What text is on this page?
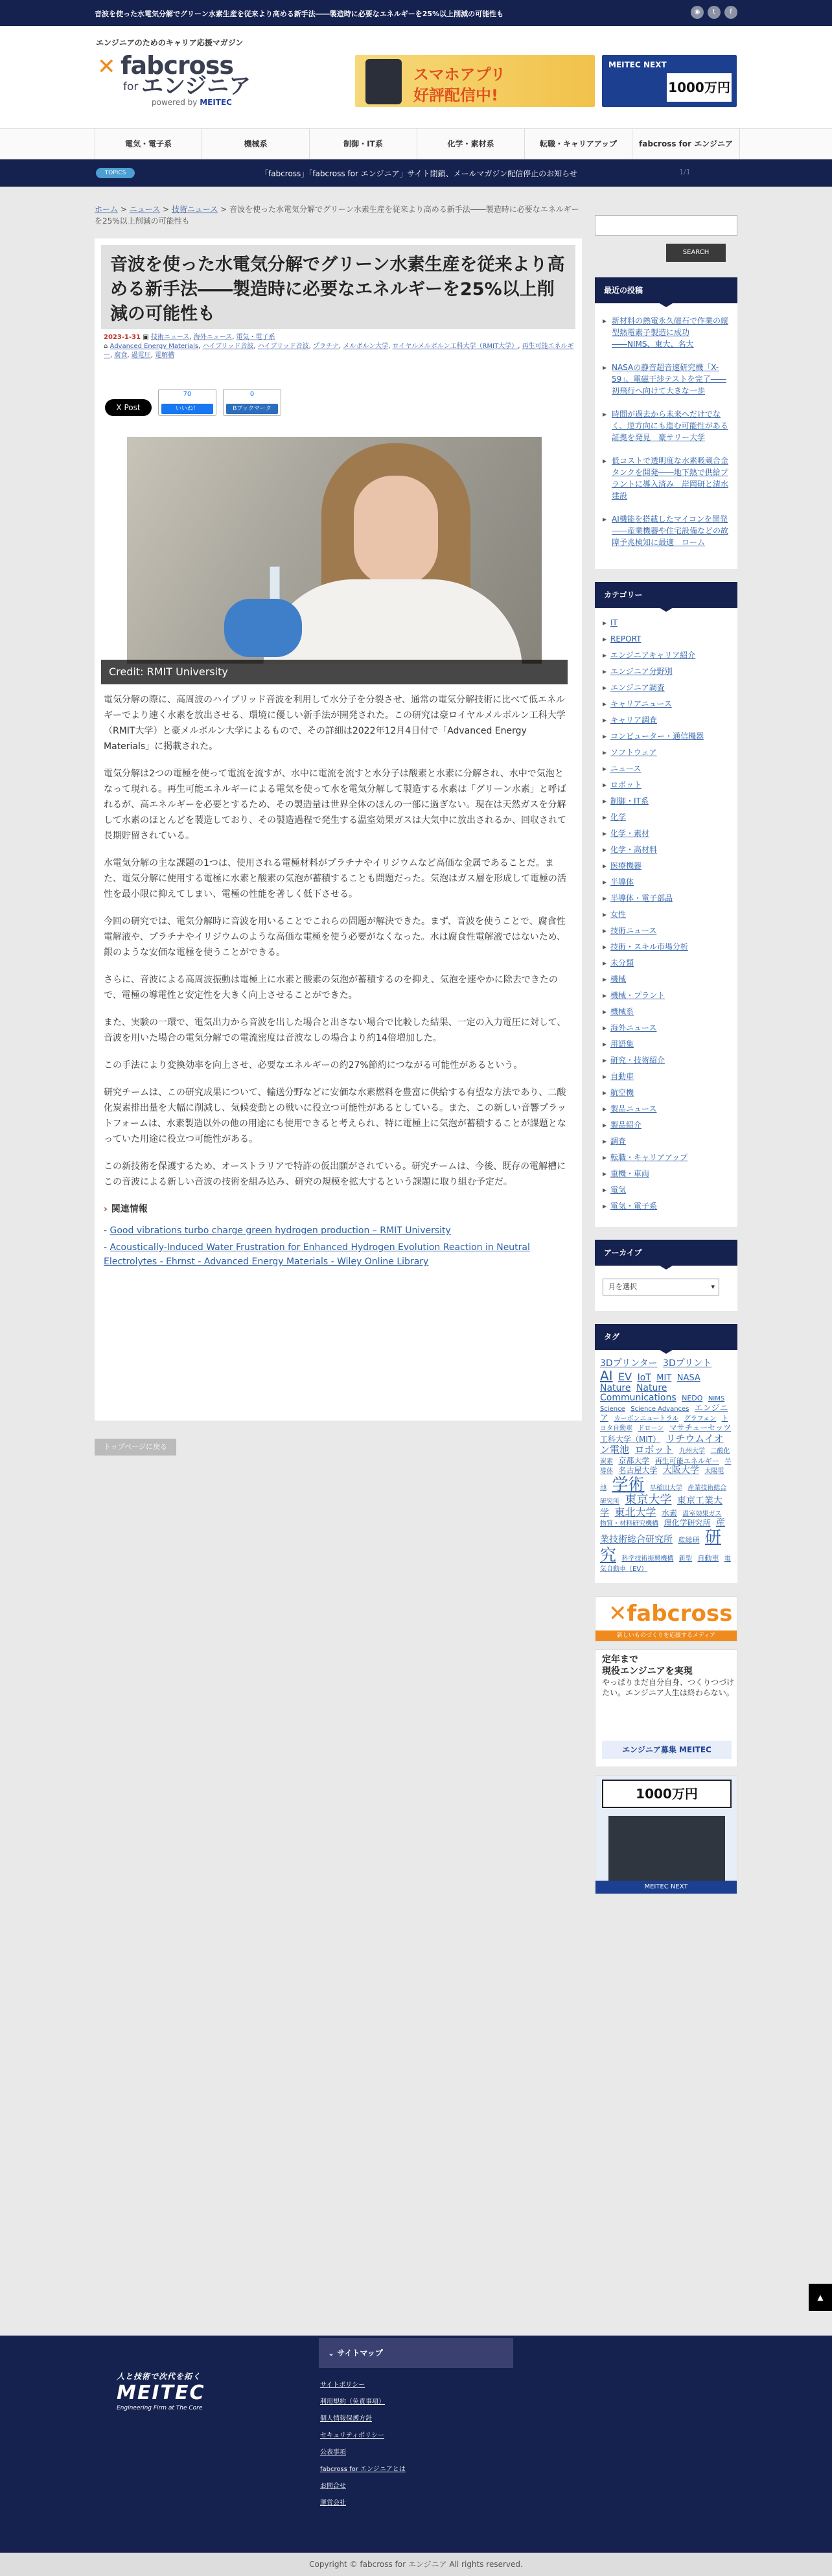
音波を使った水電気分解でグリーン水素生産を従来より高める新手法――製造時に必要なエネルギーを25%以上削減の可能性も	◉	t	f
エンジニアのためのキャリア応援マガジン
✕ fabcross
for エンジニア
powered by MEITEC
スマホアプリ
好評配信中!
MEITEC NEXT
1000万円
電気・電子系	機械系	制御・IT系	化学・素材系	転職・キャリアアップ	fabcross for エンジニア
TOPICS	「fabcross」「fabcross for エンジニア」サイト閉鎖、メールマガジン配信停止のお知らせ	1/1
ホーム > ニュース > 技術ニュース > 音波を使った水電気分解でグリーン水素生産を従来より高める新手法――製造時に必要なエネルギーを25%以上削減の可能性も
音波を使った水電気分解でグリーン水素生産を従来より高める新手法――製造時に必要なエネルギーを25%以上削減の可能性も
2023-1-31 ▣ 技術ニュース, 海外ニュース, 電気・電子系
⌂ Advanced Energy Materials, ハイブリッド音波, ハイブリッド音波, プラチナ, メルボルン大学, ロイヤルメルボルン工科大学（RMIT大学）, 再生可能エネルギー, 腐食, 過電圧, 電解槽
X Post
70
いいね！
0
Bブックマーク
Credit: RMIT University

電気分解の際に、高周波のハイブリッド音波を利用して水分子を分裂させ、通常の電気分解技術に比べて低エネルギーでより速く水素を放出させる、環境に優しい新手法が開発された。この研究は豪ロイヤルメルボルン工科大学（RMIT大学）と豪メルボルン大学によるもので、その詳細は2022年12月4日付で「Advanced Energy Materials」に掲載された。

電気分解は2つの電極を使って電流を流すが、水中に電流を流すと水分子は酸素と水素に分解され、水中で気泡となって現れる。再生可能エネルギーによる電気を使って水を電気分解して製造する水素は「グリーン水素」と呼ばれるが、高エネルギーを必要とするため、その製造量は世界全体のほんの一部に過ぎない。現在は天然ガスを分解して水素のほとんどを製造しており、その製造過程で発生する温室効果ガスは大気中に放出されるか、回収されて長期貯留されている。

水電気分解の主な課題の1つは、使用される電極材料がプラチナやイリジウムなど高価な金属であることだ。また、電気分解に使用する電極に水素と酸素の気泡が蓄積することも問題だった。気泡はガス層を形成して電極の活性を最小限に抑えてしまい、電極の性能を著しく低下させる。

今回の研究では、電気分解時に音波を用いることでこれらの問題が解決できた。まず、音波を使うことで、腐食性電解液や、プラチナやイリジウムのような高価な電極を使う必要がなくなった。水は腐食性電解液ではないため、銀のような安価な電極を使うことができる。

さらに、音波による高周波振動は電極上に水素と酸素の気泡が蓄積するのを抑え、気泡を速やかに除去できたので、電極の導電性と安定性を大きく向上させることができた。

また、実験の一環で、電気出力から音波を出した場合と出さない場合で比較した結果、一定の入力電圧に対して、音波を用いた場合の電気分解での電流密度は音波なしの場合より約14倍増加した。

この手法により変換効率を向上させ、必要なエネルギーの約27%節約につながる可能性があるという。

研究チームは、この研究成果について、輸送分野などに安価な水素燃料を豊富に供給する有望な方法であり、二酸化炭素排出量を大幅に削減し、気候変動との戦いに役立つ可能性があるとしている。また、この新しい音響プラットフォームは、水素製造以外の他の用途にも使用できると考えられ、特に電極上に気泡が蓄積することが課題となっていた用途に役立つ可能性がある。

この新技術を保護するため、オーストラリアで特許の仮出願がされている。研究チームは、今後、既存の電解槽にこの音波による新しい音波の技術を組み込み、研究の規模を拡大するという課題に取り組む予定だ。

› 関連情報
- Good vibrations turbo charge green hydrogen production – RMIT University
- Acoustically-Induced Water Frustration for Enhanced Hydrogen Evolution Reaction in Neutral Electrolytes - Ehrnst - Advanced Energy Materials - Wiley Online Library
トップページに戻る
SEARCH
最近の投稿
▸ 新材料の熱電永久磁石で作業の縦型熱電素子製造に成功――NIMS、東大、名大
▸ NASAの静音超音速研究機「X-59」、電磁干渉テストを完了――初飛行へ向けて大きな一歩
▸ 時間が過去から未来へだけでなく、逆方向にも進む可能性がある証拠を発見　豪サリー大学
▸ 低コストで透明度な水素吸蔵合金タンクを開発――地下熱で供給プラントに導入済み　岸岡研と清水建設
▸ AI機能を搭載したマイコンを開発――産業機器や住宅設備などの故障予兆検知に最適　ローム
カテゴリー
▸ IT
▸ REPORT
▸ エンジニアキャリア紹介
▸ エンジニア分野別
▸ エンジニア調査
▸ キャリアニュース
▸ キャリア調査
▸ コンピューター・通信機器
▸ ソフトウェア
▸ ニュース
▸ ロボット
▸ 制御・IT系
▸ 化学
▸ 化学・素材
▸ 化学・高材料
▸ 医療機器
▸ 半導体
▸ 半導体・電子部品
▸ 女性
▸ 技術ニュース
▸ 技術・スキル市場分析
▸ 未分類
▸ 機械
▸ 機械・プラント
▸ 機械系
▸ 海外ニュース
▸ 用語集
▸ 研究・技術紹介
▸ 自動車
▸ 航空機
▸ 製品ニュース
▸ 製品紹介
▸ 調査
▸ 転職・キャリアアップ
▸ 重機・車両
▸ 電気
▸ 電気・電子系
アーカイブ
月を選択 ▾
タグ
3Dプリンター 3Dプリント AI EV IoT MIT NASA Nature Nature Communications NEDO NIMS Science Science Advances エンジニア カーボンニュートラル グラフェン トヨタ自動車 ドローン マサチューセッツ工科大学（MIT） リチウムイオン電池 ロボット 九州大学 二酸化炭素 京都大学 再生可能エネルギー 半導体 名古屋大学 大阪大学 太陽電池 学術 早稲田大学 産業技術総合研究所 東京大学 東京工業大学 東北大学 水素 温室効果ガス 物質・材料研究機構 理化学研究所 産業技術総合研究所 産総研 研究 科学技術振興機構 新型 自動車 電気自動車（EV）
✕fabcross
新しいものづくりを応援するメディア
定年まで
現役エンジニアを実現
やっぱりまだ自分自身、つくりつづけたい。エンジニア人生は終わらない。
エンジニア募集 MEITEC
1000万円
MEITEC NEXT
▲
人と技術で次代を拓く
MEITEC
Engineering Firm at The Core
⌄ サイトマップ
サイトポリシー
利用規約（免責事項）
個人情報保護方針
セキュリティポリシー
公表事項
fabcross for エンジニアとは
お問合せ
運営会社
Copyright © fabcross for エンジニア All rights reserved.
